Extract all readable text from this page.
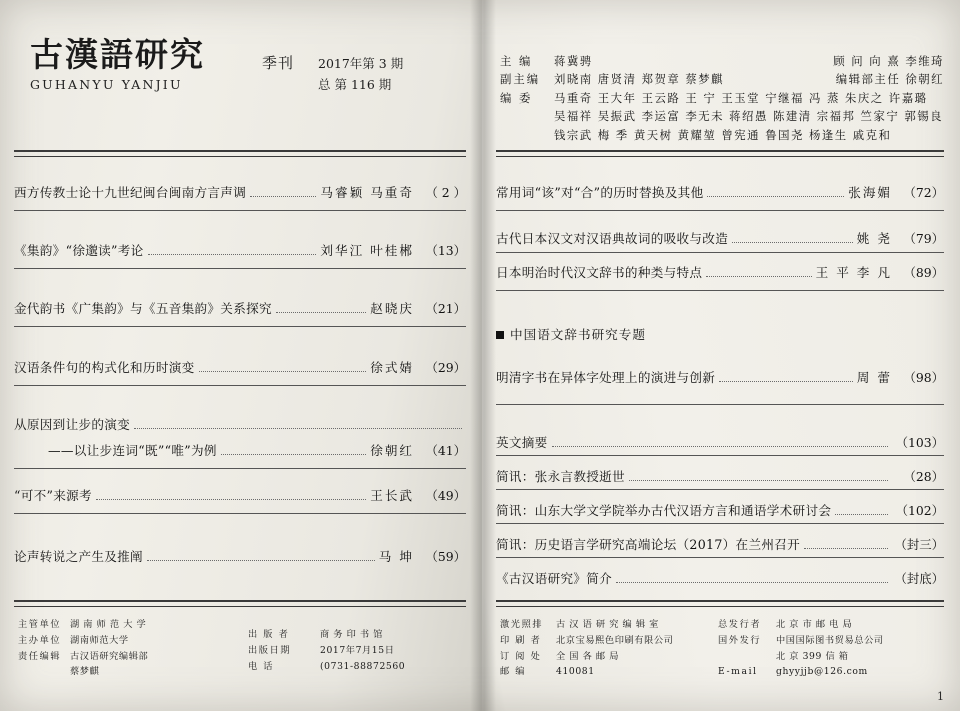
古漢語研究
GUHANYU YANJIU
季刊 2017年第 3 期
总 第 116 期
西方传教士论十九世纪闽台闽南方言声调	马睿颖 马重奇 （ 2 ）
《集韵》“徐邈读”考论	刘华江 叶桂郴 （13）
金代韵书《广集韵》与《五音集韵》关系探究	赵晓庆 （21）
汉语条件句的构式化和历时演变	徐式婧 （29）
从原因到让步的演变
——以让步连词“既”“唯”为例	徐朝红 （41）
“可不”来源考	王长武 （49）
论声转说之产生及推阐	马 坤 （59）
主管单位 湖 南 师 范 大 学
主办单位 湖南师范大学
责任编辑 古汉语研究编辑部
蔡梦麒
出 版 者	商 务 印 书 馆
出版日期	2017年7月15日
电 话	(0731-88872560
主 编	蒋冀骋	顾 问 向 熹 李维琦
副主编	刘晓南 唐贤清 郑贺章 蔡梦麒	编辑部主任 徐朝红
编 委	马重奇 王大年 王云路 王 宁 王玉堂 宁继福 冯 蒸 朱庆之 许嘉璐
吴福祥 吴振武 李运富 李无未 蒋绍愚 陈建清 宗福邦 竺家宁 郭锡良
钱宗武 梅 季 黄天树 黄耀堃 曾宪通 鲁国尧 杨逢生 戚克和
常用词“该”对“合”的历时替换及其他	张海媚 （72）
古代日本汉文对汉语典故词的吸收与改造	姚 尧 （79）
日本明治时代汉文辞书的种类与特点	王 平 李 凡 （89）
中国语文辞书研究专题
明清字书在异体字处理上的演进与创新	周 蕾 （98）
英文摘要	（103）
简讯：张永言教授逝世	（28）
简讯：山东大学文学院举办古代汉语方言和通语学术研讨会	（102）
简讯：历史语言学研究高端论坛（2017）在兰州召开	（封三）
《古汉语研究》简介	（封底）
激光照排	古 汉 语 研 究 编 辑 室
印 刷 者	北京宝易熙色印刷有限公司
订 阅 处	全 国 各 邮 局
邮 编	410081
总发行者	北 京 市 邮 电 局
国外发行	中国国际图书贸易总公司
北 京 399 信 箱
E-mail	ghyyjjb@126.com
1
